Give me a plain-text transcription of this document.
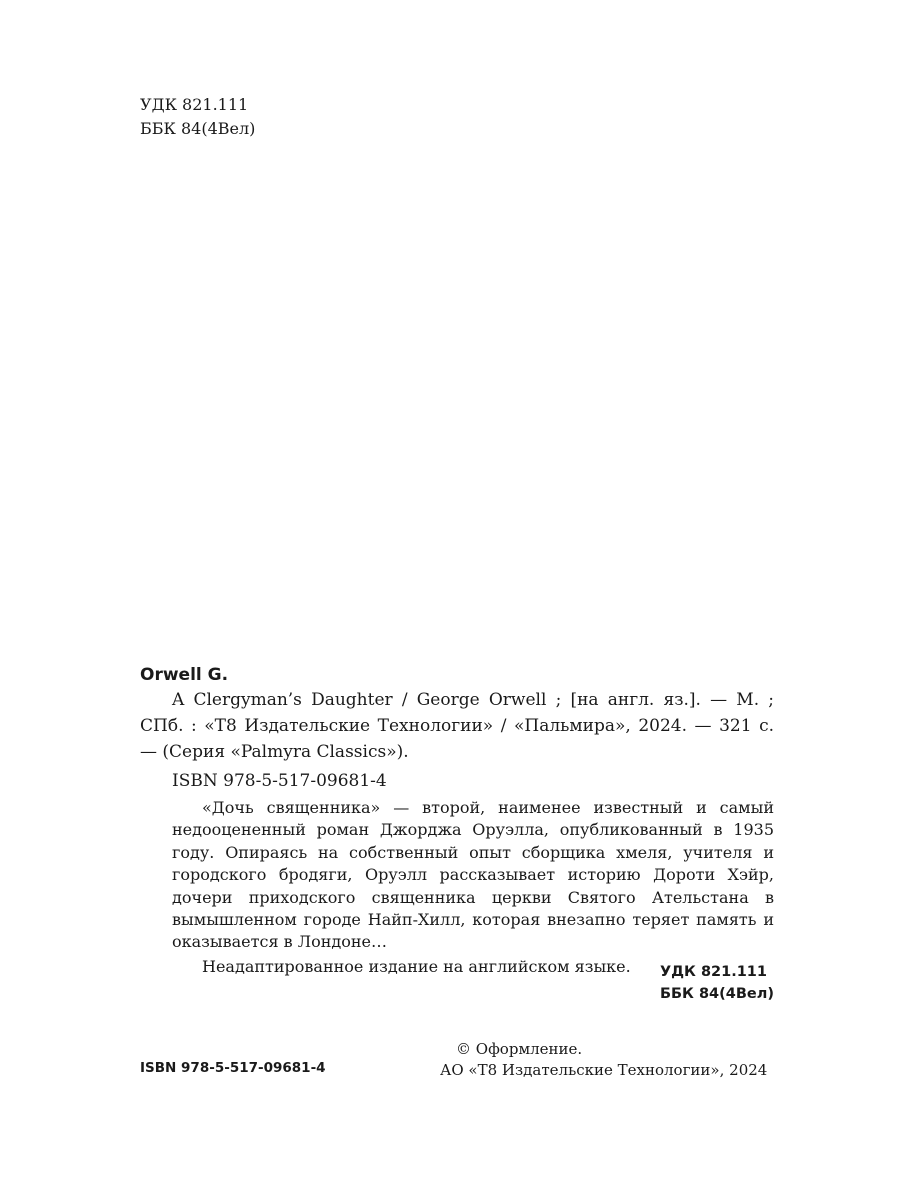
УДК 821.111
ББК 84(4Вел)
Orwell G.

A Clergyman’s Daughter / George Orwell ; [на англ. яз.]. — М. ; СПб. : «Т8 Издательские Технологии» / «Пальмира», 2024. — 321 с. — (Серия «Palmyra Classics»).

ISBN 978-5-517-09681-4

«Дочь священника» — второй, наименее известный и самый недооцененный роман Джорджа Оруэлла, опубликованный в 1935 году. Опираясь на собственный опыт сборщика хмеля, учителя и городского бродяги, Оруэлл рассказывает историю Дороти Хэйр, дочери приходского священника церкви Святого Ательстана в вымышленном городе Найп-Хилл, которая внезапно теряет память и оказывается в Лондоне…

Неадаптированное издание на английском языке.	УДК 821.111
ББК 84(4Вел)
ISBN 978-5-517-09681-4
© Оформление.
АО «Т8 Издательские Технологии», 2024
